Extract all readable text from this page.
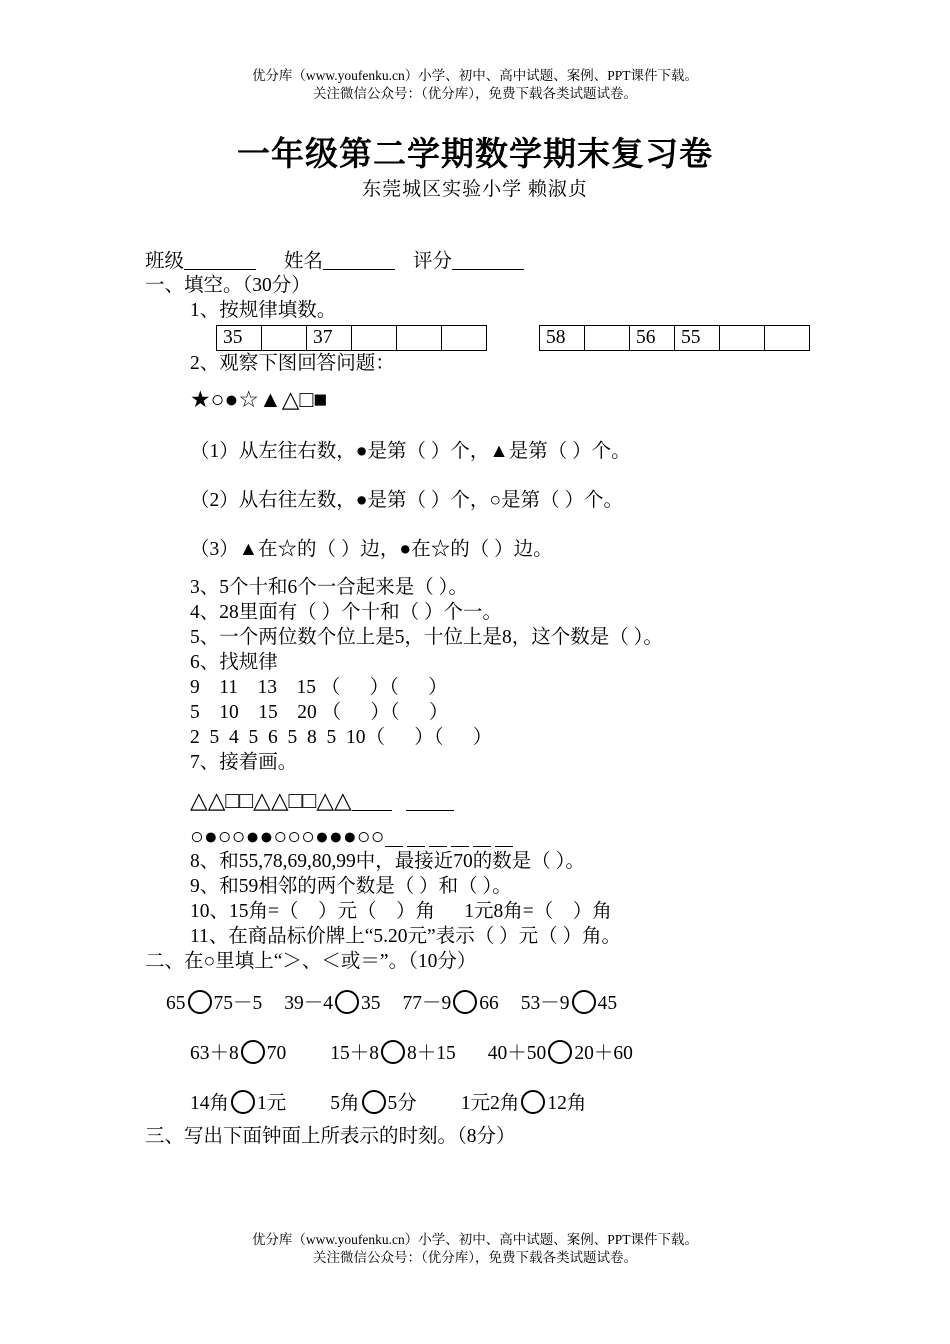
优分库（www.youfenku.cn）小学、初中、高中试题、案例、PPT课件下载。
关注微信公众号：（优分库），免费下载各类试题试卷。
一年级第二学期数学期末复习卷
东莞城区实验小学 赖淑贞
班级	姓名	评分
一、填空。（30分）
1、按规律填数。
35		37				58		56	55		
2、观察下图回答问题：
★○●☆▲△□■
（1）从左往右数，●是第（ ）个，▲是第（ ）个。
（2）从右往左数，●是第（ ）个，○是第（ ）个。
（3）▲在☆的（ ）边，●在☆的（ ）边。
3、5个十和6个一合起来是（ ）。
4、28里面有（ ）个十和（ ）个一。
5、一个两位数个位上是5，十位上是8，这个数是（ ）。
6、找规律
9    11    13    15 （      ）（      ）
5    10    15    20 （      ）（      ）
2  5  4  5  6  5  8  5  10（      ）（      ）
7、接着画。
△△□□△△□□△△
○●○○●●○○○●●●○○
8、和55,78,69,80,99中，最接近70的数是（ ）。
9、和59相邻的两个数是（ ）和（ ）。
10、15角=（    ）元（    ）角      1元8角=（    ）角
11、在商品标价牌上“5.20元”表示（ ）元（ ）角。
二、在○里填上“＞、＜或＝”。（10分）
65 75－5 39－4 35 77－9 66 53－9 45
63＋8 70 15＋8 8＋15 40＋50 20＋60
14角 1元 5角 5分 1元2角 12角
三、写出下面钟面上所表示的时刻。（8分）
优分库（www.youfenku.cn）小学、初中、高中试题、案例、PPT课件下载。
关注微信公众号：（优分库），免费下载各类试题试卷。
